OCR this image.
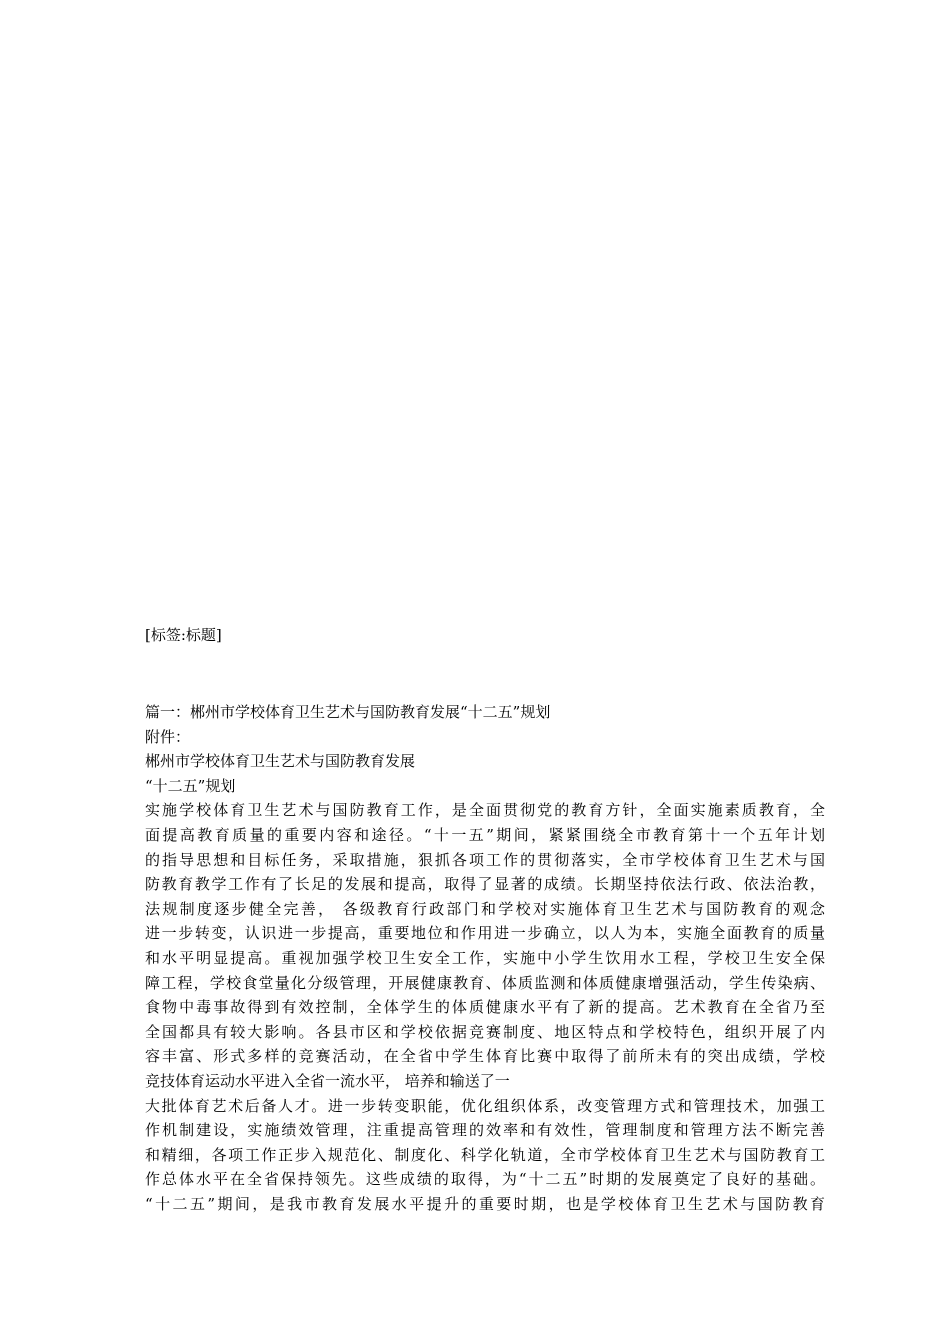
[标签:标题]
篇一：郴州市学校体育卫生艺术与国防教育发展“十二五”规划
附件：
郴州市学校体育卫生艺术与国防教育发展
“十二五”规划
实施学校体育卫生艺术与国防教育工作，是全面贯彻党的教育方针，全面实施素质教育，全
面提高教育质量的重要内容和途径。“十一五”期间，紧紧围绕全市教育第十一个五年计划
的指导思想和目标任务，采取措施，狠抓各项工作的贯彻落实，全市学校体育卫生艺术与国
防教育教学工作有了长足的发展和提高，取得了显著的成绩。长期坚持依法行政、依法治教，
法规制度逐步健全完善， 各级教育行政部门和学校对实施体育卫生艺术与国防教育的观念
进一步转变，认识进一步提高，重要地位和作用进一步确立，以人为本，实施全面教育的质量
和水平明显提高。重视加强学校卫生安全工作，实施中小学生饮用水工程，学校卫生安全保
障工程，学校食堂量化分级管理，开展健康教育、体质监测和体质健康增强活动，学生传染病、
食物中毒事故得到有效控制，全体学生的体质健康水平有了新的提高。艺术教育在全省乃至
全国都具有较大影响。各县市区和学校依据竞赛制度、地区特点和学校特色，组织开展了内
容丰富、形式多样的竞赛活动，在全省中学生体育比赛中取得了前所未有的突出成绩，学校
竞技体育运动水平进入全省一流水平， 培养和输送了一
大批体育艺术后备人才。进一步转变职能，优化组织体系，改变管理方式和管理技术，加强工
作机制建设，实施绩效管理，注重提高管理的效率和有效性，管理制度和管理方法不断完善
和精细，各项工作正步入规范化、制度化、科学化轨道，全市学校体育卫生艺术与国防教育工
作总体水平在全省保持领先。这些成绩的取得，为“十二五”时期的发展奠定了良好的基础。
“十二五”期间，是我市教育发展水平提升的重要时期，也是学校体育卫生艺术与国防教育
